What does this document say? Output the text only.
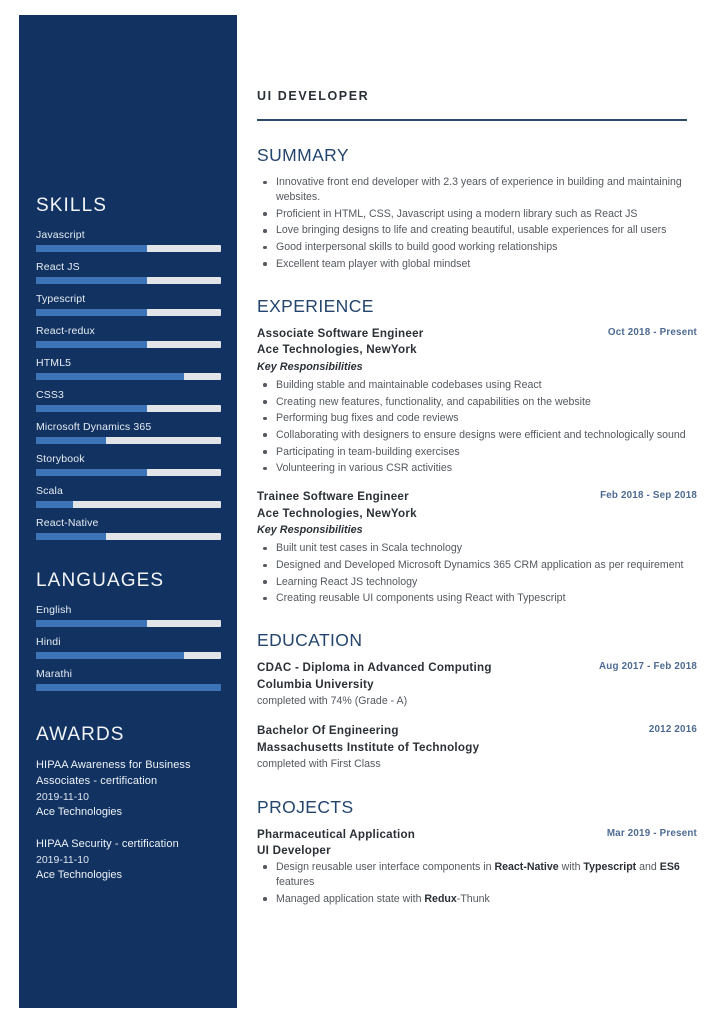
SKILLS
Javascript
React JS
Typescript
React-redux
HTML5
CSS3
Microsoft Dynamics 365
Storybook
Scala
React-Native
LANGUAGES
English
Hindi
Marathi
AWARDS
HIPAA Awareness for Business Associates - certification
2019-11-10
Ace Technologies
HIPAA Security - certification
2019-11-10
Ace Technologies
UI DEVELOPER
SUMMARY
Innovative front end developer with 2.3 years of experience in building and maintaining websites.
Proficient in HTML, CSS, Javascript using a modern library such as React JS
Love bringing designs to life and creating beautiful, usable experiences for all users
Good interpersonal skills to build good working relationships
Excellent team player with global mindset
EXPERIENCE
Associate Software Engineer
Ace Technologies, NewYork
Key Responsibilities
Oct 2018 - Present
Building stable and maintainable codebases using React
Creating new features, functionality, and capabilities on the website
Performing bug fixes and code reviews
Collaborating with designers to ensure designs were efficient and technologically sound
Participating in team-building exercises
Volunteering in various CSR activities
Trainee Software Engineer
Ace Technologies, NewYork
Key Responsibilities
Feb 2018 - Sep 2018
Built unit test cases in Scala technology
Designed and Developed Microsoft Dynamics 365 CRM application as per requirement
Learning React JS technology
Creating reusable UI components using React with Typescript
EDUCATION
CDAC - Diploma in Advanced Computing
Columbia University
Aug 2017 - Feb 2018
completed with 74% (Grade - A)
Bachelor Of Engineering
Massachusetts Institute of Technology
2012 2016
completed with First Class
PROJECTS
Pharmaceutical Application
UI Developer
Mar 2019 - Present
Design reusable user interface components in React-Native with Typescript and ES6 features
Managed application state with Redux-Thunk
